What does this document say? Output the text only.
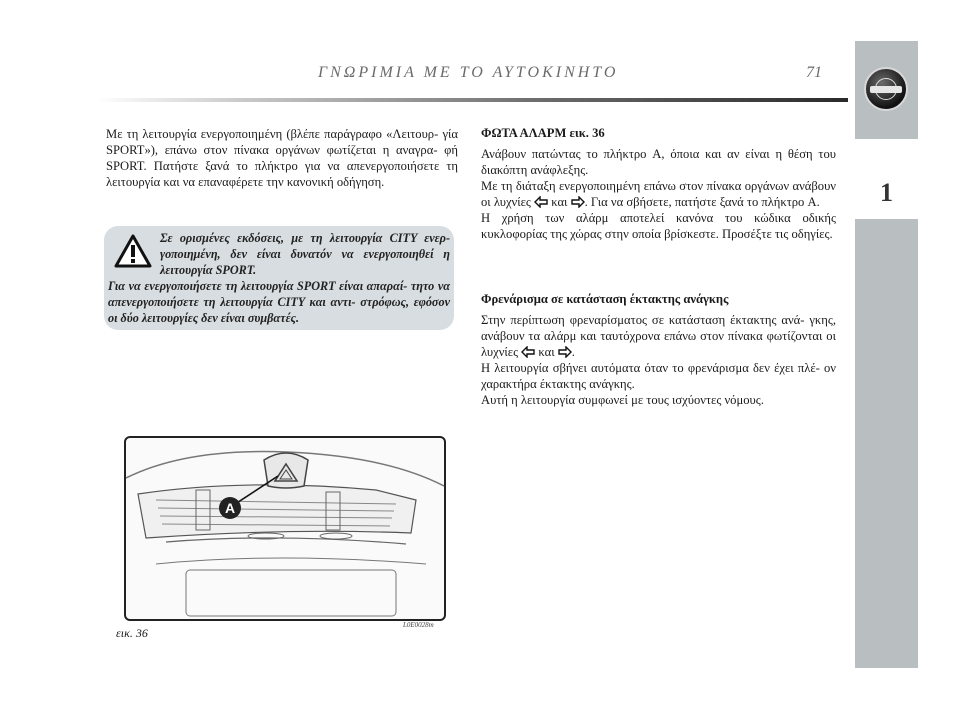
ΓΝΩΡΙΜΙΑ ΜΕ ΤΟ ΑΥΤΟΚΙΝΗΤΟ	71
1
Με τη λειτουργία ενεργοποιημένη (βλέπε παράγραφο «Λειτουρ- γία SPORT»), επάνω στον πίνακα οργάνων φωτίζεται η αναγρα- φή SPORT. Πατήστε ξανά το πλήκτρο για να απενεργοποιήσετε τη λειτουργία και να επαναφέρετε την κανονική οδήγηση.
Σε ορισμένες εκδόσεις, με τη λειτουργία CITY ενερ- γοποιημένη, δεν είναι δυνατόν να ενεργοποιηθεί η λειτουργία SPORT.
Για να ενεργοποιήσετε τη λειτουργία SPORT είναι απαραί- τητο να απενεργοποιήσετε τη λειτουργία CITY και αντι- στρόφως, εφόσον οι δύο λειτουργίες δεν είναι συμβατές.
ΦΩΤΑ ΑΛΑΡΜ εικ. 36
Ανάβουν πατώντας το πλήκτρο A, όποια και αν είναι η θέση του διακόπτη ανάφλεξης.
Με τη διάταξη ενεργοποιημένη επάνω στον πίνακα οργάνων ανάβουν οι λυχνίες και . Για να σβήσετε, πατήστε ξανά το πλήκτρο A.
Η χρήση των αλάρμ αποτελεί κανόνα του κώδικα οδικής κυκλοφορίας της χώρας στην οποία βρίσκεστε. Προσέξτε τις οδηγίες.
Φρενάρισμα σε κατάσταση έκτακτης ανάγκης
Στην περίπτωση φρεναρίσματος σε κατάσταση έκτακτης ανά- γκης, ανάβουν τα αλάρμ και ταυτόχρονα επάνω στον πίνακα φωτίζονται οι λυχνίες και .
Η λειτουργία σβήνει αυτόματα όταν το φρενάρισμα δεν έχει πλέ- ον χαρακτήρα έκτακτης ανάγκης.
Αυτή η λειτουργία συμφωνεί με τους ισχύοντες νόμους.
A
εικ. 36
L0E0028m
